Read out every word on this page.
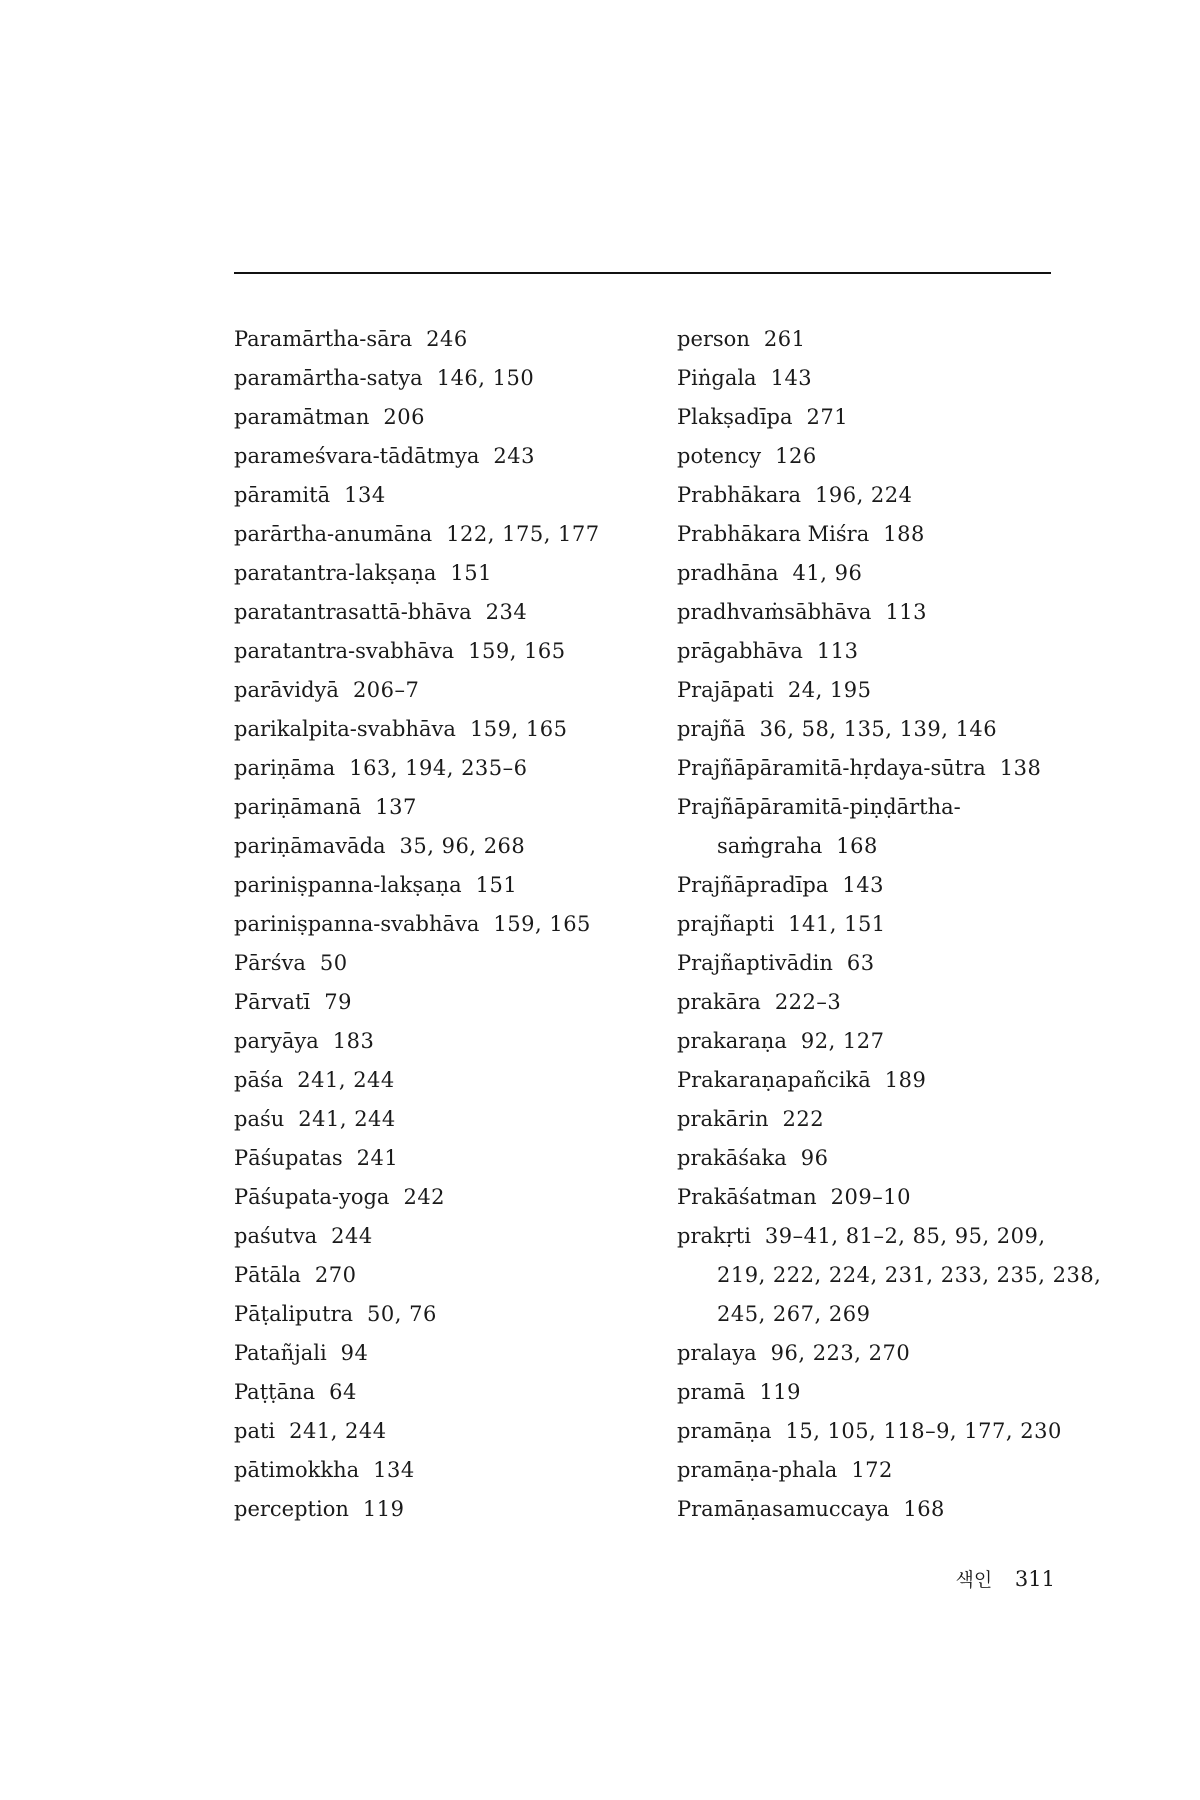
Paramārtha-sāra 246
paramārtha-satya 146, 150
paramātman 206
parameśvara-tādātmya 243
pāramitā 134
parārtha-anumāna 122, 175, 177
paratantra-lakṣaṇa 151
paratantrasattā-bhāva 234
paratantra-svabhāva 159, 165
parāvidyā 206–7
parikalpita-svabhāva 159, 165
pariṇāma 163, 194, 235–6
pariṇāmanā 137
pariṇāmavāda 35, 96, 268
pariniṣpanna-lakṣaṇa 151
pariniṣpanna-svabhāva 159, 165
Pārśva 50
Pārvatī 79
paryāya 183
pāśa 241, 244
paśu 241, 244
Pāśupatas 241
Pāśupata-yoga 242
paśutva 244
Pātāla 270
Pāṭaliputra 50, 76
Patañjali 94
Paṭṭāna 64
pati 241, 244
pātimokkha 134
perception 119
person 261
Piṅgala 143
Plakṣadīpa 271
potency 126
Prabhākara 196, 224
Prabhākara Miśra 188
pradhāna 41, 96
pradhvaṁsābhāva 113
prāgabhāva 113
Prajāpati 24, 195
prajñā 36, 58, 135, 139, 146
Prajñāpāramitā-hṛdaya-sūtra 138
Prajñāpāramitā-piṇḍārtha-
saṁgraha 168
Prajñāpradīpa 143
prajñapti 141, 151
Prajñaptivādin 63
prakāra 222–3
prakaraṇa 92, 127
Prakaraṇapañcikā 189
prakārin 222
prakāśaka 96
Prakāśatman 209–10
prakṛti 39–41, 81–2, 85, 95, 209,
219, 222, 224, 231, 233, 235, 238,
245, 267, 269
pralaya 96, 223, 270
pramā 119
pramāṇa 15, 105, 118–9, 177, 230
pramāṇa-phala 172
Pramāṇasamuccaya 168
색인 311
